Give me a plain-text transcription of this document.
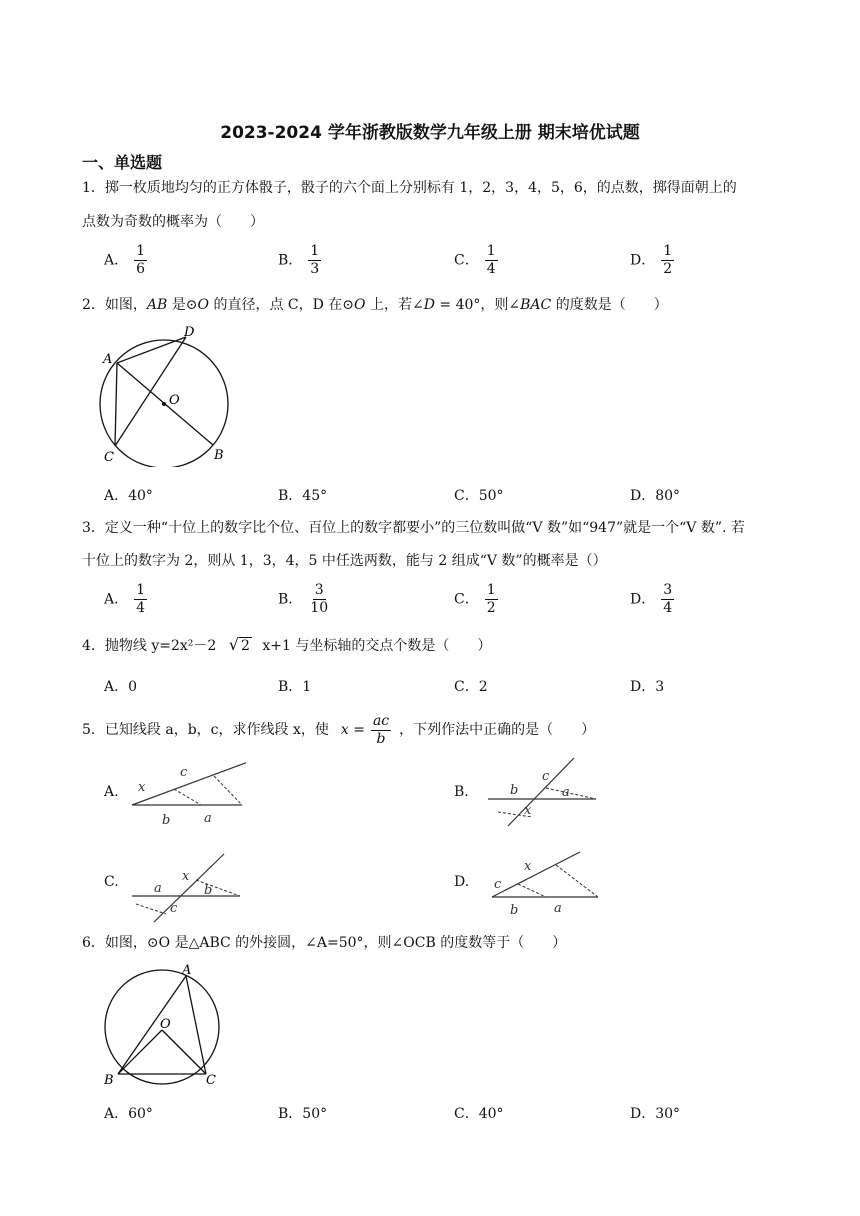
2023-2024 学年浙教版数学九年级上册 期末培优试题
一、单选题
1．掷一枚质地均匀的正方体骰子，骰子的六个面上分别标有 1，2，3，4，5，6，的点数，掷得面朝上的
点数为奇数的概率为（　　）
A． $\frac{1}{6}$	B． $\frac{1}{3}$	C． $\frac{1}{4}$	D． $\frac{1}{2}$
2．如图，AB 是⊙O 的直径，点 C，D 在⊙O 上，若∠D = 40°，则∠BAC 的度数是（　　）
A
D
O
C	B
A．40°	B．45°	C．50°	D．80°
3．定义一种“十位上的数字比个位、百位上的数字都要小”的三位数叫做“V 数”如“947”就是一个“V 数”. 若
十位上的数字为 2，则从 1，3，4，5 中任选两数，能与 2 组成“V 数”的概率是（）
A． $\frac{1}{4}$	B． $\frac{3}{10}$	C． $\frac{1}{2}$	D． $\frac{3}{4}$
4．抛物线 y=2x²－2 √ 2 x+1 与坐标轴的交点个数是（　　）
A．0	B．1	C．2	D．3
5．已知线段 a，b，c，求作线段 x，使 $x = \frac{ac}{b}$ ，下列作法中正确的是（　　）
A. x
c
b	a
B.	b
c
a
x
C.	a
x
b
c
D.
x
c
b	a
6．如图，⊙O 是△ABC 的外接圆，∠A=50°，则∠OCB 的度数等于（　　）
A
O
B	C
A．60°	B．50°	C．40°	D．30°
